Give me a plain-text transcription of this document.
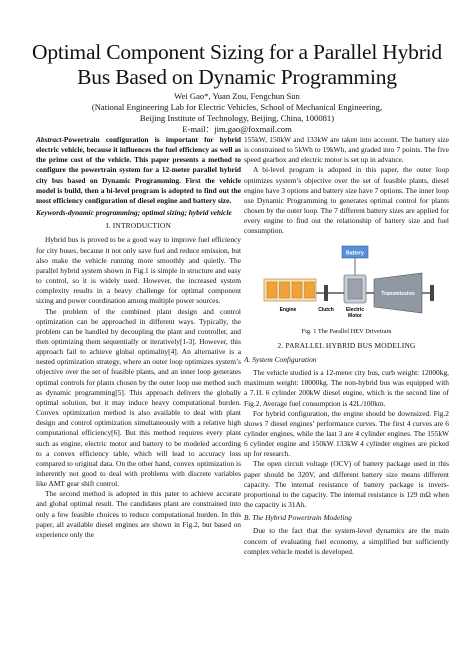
Optimal Component Sizing for a Parallel Hybrid
Bus Based on Dynamic Programming
Wei Gao*, Yuan Zou, Fengchun Sun
(National Engineering Lab for Electric Vehicles, School of Mechanical Engineering,
Beijing Institute of Technology, Beijing, China, 100081)
E-mail：jim.gao@foxmail.com

Abstract-Powertrain configuration is important for hybrid electric vehicle, because it influences the fuel efficiency as well as the prime cost of the vehicle. This paper presents a method to configure the powertrain system for a 12-meter parallel hybrid city bus based on Dynamic Programming. First the vehicle model is build, then a bi-level program is adopted to find out the most efficiency configuration of diesel engine and battery size.

Keywords-dynamic programming; optimal sizing; hybrid vehicle

I. INTRODUCTION

Hybrid bus is proved to be a good way to improve fuel efficiency for city buses, because it not only save fuel and reduce emission, but also make the vehicle running more smoothly and quietly. The parallel hybrid system shown in Fig.1 is simple in structure and easy to control, so it is widely used. However, the increased system complexity results in a heavy challenge for optimal component sizing and power coordination among multiple power sources.

The problem of the combined plant design and control optimization can be approached in different ways. Typically, the problem can be handled by decoupling the plant and controller, and then optimizing them sequentially or iteratively[1-3]. However, this approach fail to achieve global optimality[4]. An alternative is a nested optimization strategy, where an outer loop optimizes system’s objective over the set of feasible plants, and an inner loop generates optimal controls for plants chosen by the outer loop use method such as dynamic programming[5]. This approach delivers the globally optimal solution, but it may induce heavy computational burden. Convex optimization method is also available to deal with plant design and control optimization simultaneously with a relative high computational efficiency[6]. But this method requires every plant such as engine, electric motor and battery to be modeled according to a convex efficiency table, which will lead to accuracy loss compared to original data. On the other hand, convex optimization is inherently not good to deal with problems with discrete variables like AMT gear shift control.

The second method is adopted in this pater to achieve accurate and global optimal result. The candidates plant are constrained into only a few feasible choices to reduce computational burden. In this paper, all available diesel engines are shown in Fig.2, but based on experience only the

155kW, 150kW and 133kW are taken into account. The battery size is constrained to 5kWh to 19kWh, and graded into 7 points. The five speed gearbox and electric motor is set up in advance.

A bi-level program is adopted in this paper, the outer loop optimizes system’s objective over the set of feasible plants, diesel engine have 3 options and battery size have 7 options. The inner loop use Dynamic Programming to generates optimal control for plants chosen by the outer loop. The 7 different battery sizes are applied for every engine to find out the relationship of battery size and fuel consumption.

Battery
Engine	Clutch Electric
Motor
Transmission
Fig. 1 The Parallel HEV Drivetrain
2. PARALLEL HYBRID BUS MODELING
A. System Configuration

The vehicle studied is a 12-meter city bus, curb weight: 12000kg, maximum weight: 18000kg. The non-hybrid bus was equipped with a 7.1L 6 cylinder 200kW diesel engine, which is the second line of Fig.2. Average fuel consumption is 42L/100km.

For hybrid configuration, the engine should be downsized. Fig.2 shows 7 diesel engines’ performance curves. The first 4 curves are 6 cylinder engines, while the last 3 are 4 cylinder engines. The 155kW 6 cylinder engine and 150kW 133kW 4 cylinder engines are picked up for research.

The open circuit voltage (OCV) of battery package used in this paper should be 320V, and different battery size means different capacity. The internal resistance of battery package is invers-proportional to the capacity. The internal resistance is 129 mΩ when the capacity is 31Ah.

B. The Hybrid Powertrain Modeling

Due to the fact that the system-level dynamics are the main concern of evaluating fuel economy, a simplified but sufficiently complex vehicle model is developed.
